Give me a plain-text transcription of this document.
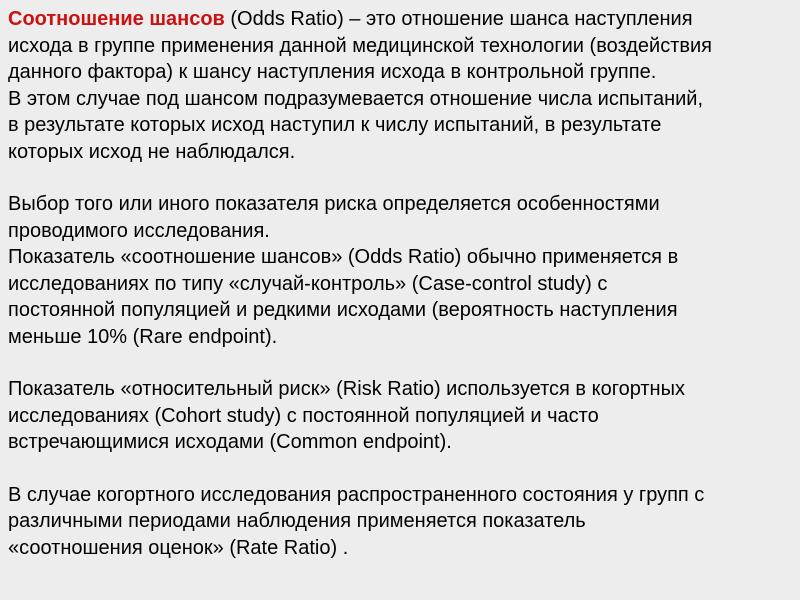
Соотношение шансов (Odds Ratio) – это отношение шанса наступления
исхода в группе применения данной медицинской технологии (воздействия
данного фактора) к шансу наступления исхода в контрольной группе.
В этом случае под шансом подразумевается отношение числа испытаний,
в результате которых исход наступил к числу испытаний, в результате
которых исход не наблюдался.
Выбор того или иного показателя риска определяется особенностями
проводимого исследования.
Показатель «соотношение шансов» (Odds Ratio) обычно применяется в
исследованиях по типу «случай-контроль» (Case-control study) с
постоянной популяцией и редкими исходами (вероятность наступления
меньше 10% (Rare endpoint).
Показатель «относительный риск» (Risk Ratio) используется в когортных
исследованиях (Cohort study) с постоянной популяцией и часто
встречающимися исходами (Common endpoint).
В случае когортного исследования распространенного состояния у групп с
различными периодами наблюдения применяется показатель
«соотношения оценок» (Rate Ratio) .
